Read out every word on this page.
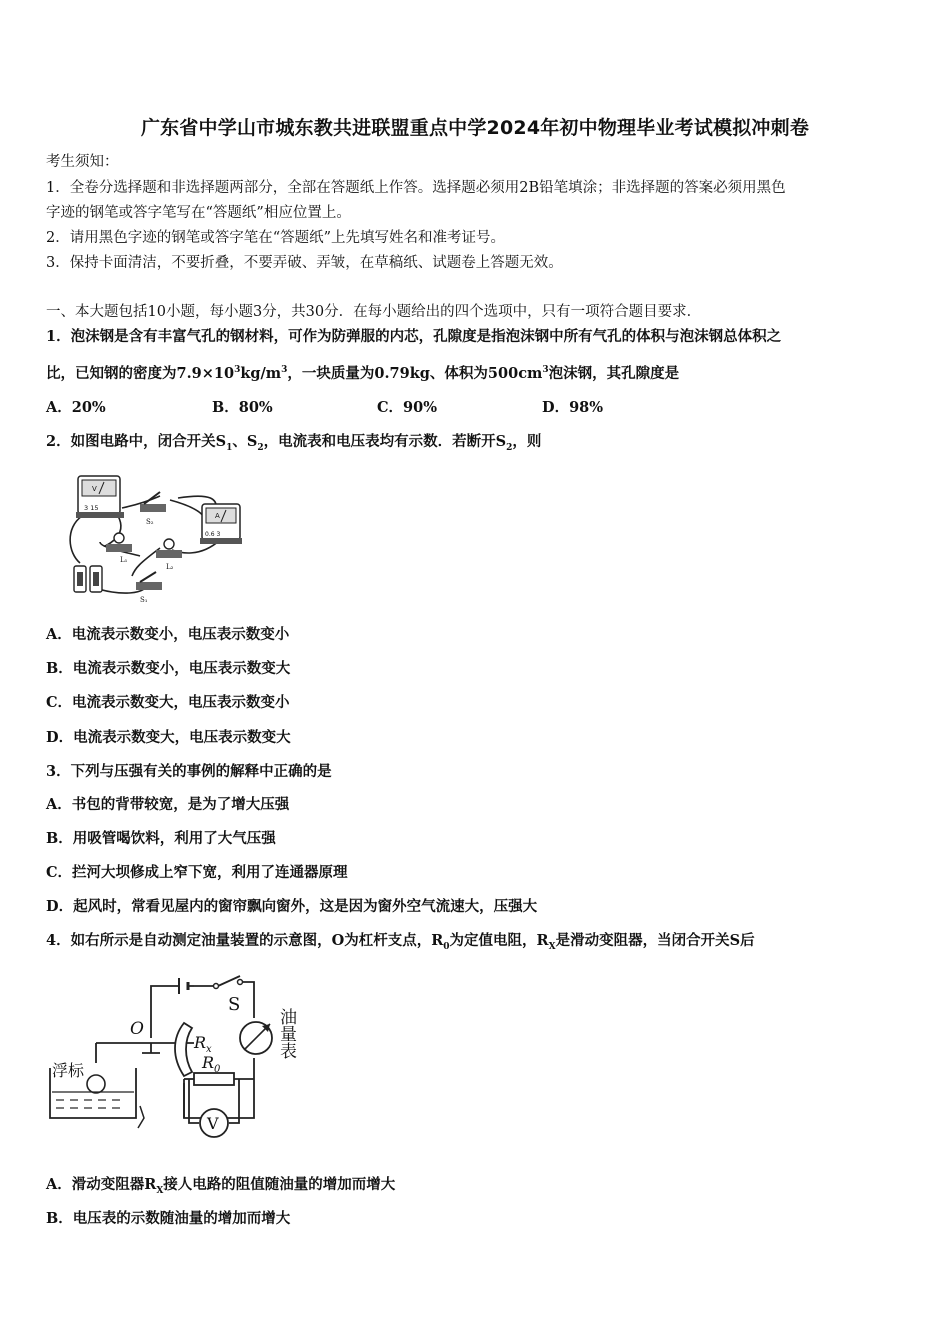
广东省中学山市城东教共进联盟重点中学2024年初中物理毕业考试模拟冲刺卷
考生须知：
1．全卷分选择题和非选择题两部分，全部在答题纸上作答。选择题必须用2B铅笔填涂；非选择题的答案必须用黑色
字迹的钢笔或答字笔写在“答题纸”相应位置上。
2．请用黑色字迹的钢笔或答字笔在“答题纸”上先填写姓名和准考证号。
3．保持卡面清洁，不要折叠，不要弄破、弄皱，在草稿纸、试题卷上答题无效。
一、本大题包括10小题，每小题3分，共30分．在每小题给出的四个选项中，只有一项符合题目要求．
1．泡沫钢是含有丰富气孔的钢材料，可作为防弹服的内芯，孔隙度是指泡沫钢中所有气孔的体积与泡沫钢总体积之
比，已知钢的密度为$7.9\times 10^3kg/m^3$，一块质量为0.79kg、体积为$500cm^3$泡沫钢，其孔隙度是
A．20%	B．80%	C．90%	D．98%
2．如图电路中，闭合开关$S_1$、$S_2$，电流表和电压表均有示数．若断开$S_2$，则
V
3 15
A
0.6 3
S₂
L₁
L₂
S₁
A．电流表示数变小，电压表示数变小
B．电流表示数变小，电压表示数变大
C．电流表示数变大，电压表示数变小
D．电流表示数变大，电压表示数变大
3．下列与压强有关的事例的解释中正确的是
A．书包的背带较宽，是为了增大压强
B．用吸管喝饮料，利用了大气压强
C．拦河大坝修成上窄下宽，利用了连通器原理
D．起风时，常看见屋内的窗帘飘向窗外，这是因为窗外空气流速大，压强大
4．如右所示是自动测定油量装置的示意图，O为杠杆支点，$R_0$为定值电阻，$R_X$是滑动变阻器，当闭合开关S后
S
O
$R_x$
$R_0$
油量表
V
浮标
A．滑动变阻器$R_X$接人电路的阻值随油量的增加而增大
B．电压表的示数随油量的增加而增大
